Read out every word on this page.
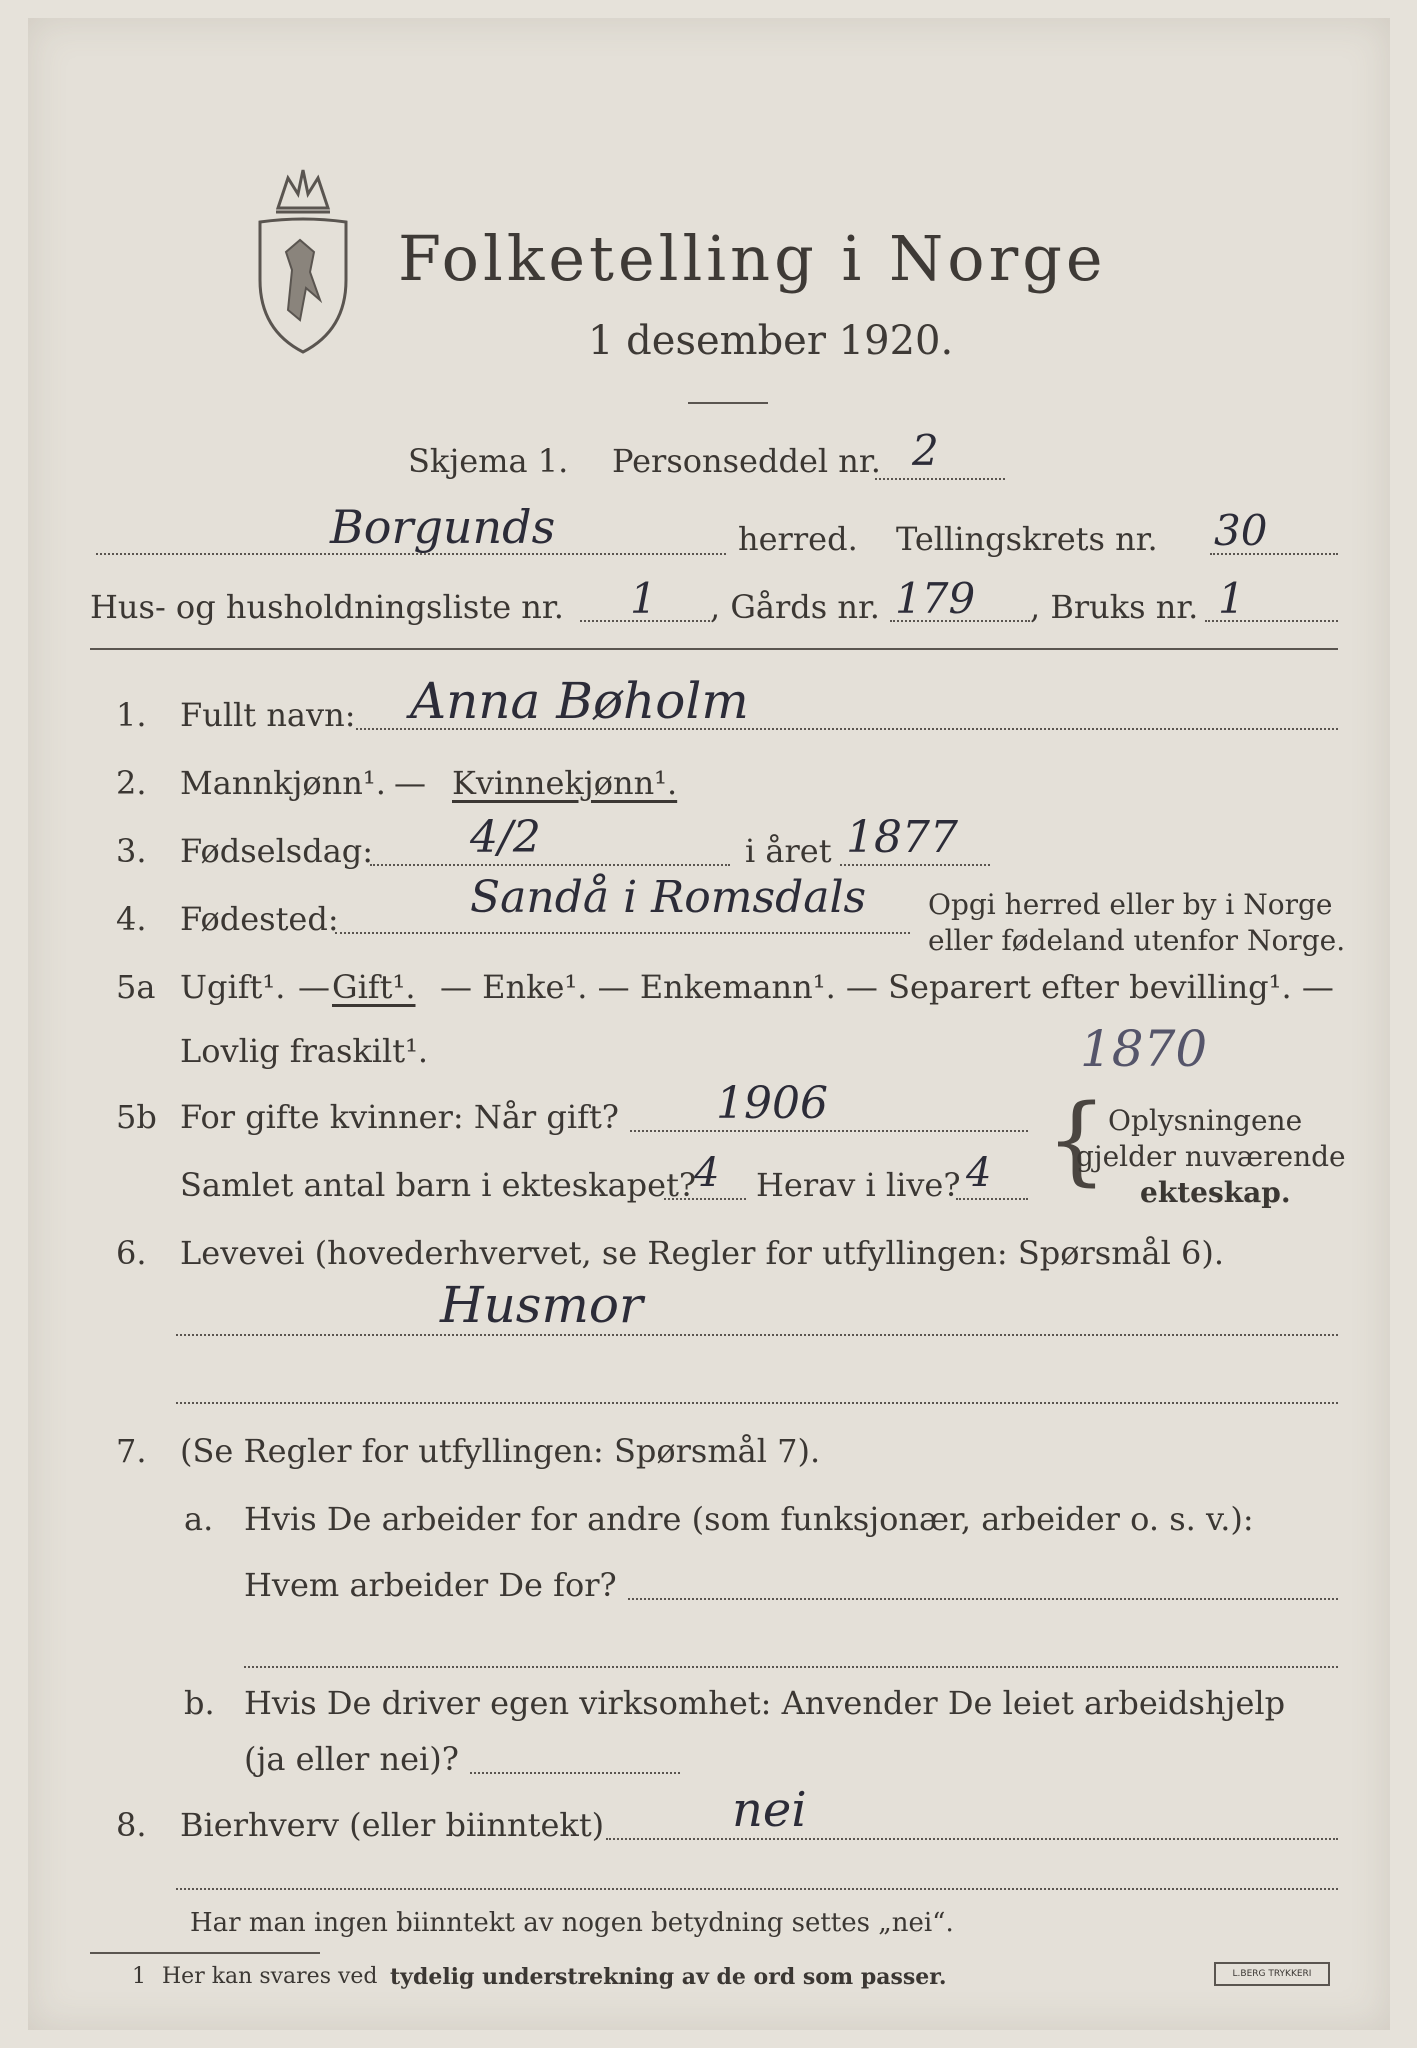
Folketelling i Norge
1 desember 1920.
Skjema 1. Personseddel nr. 2
Borgunds	herred. Tellingskrets nr. 30
Hus- og husholdningsliste nr. 1 , Gårds nr. 179 , Bruks nr. 1
1. Fullt navn: Anna Bøholm
2. Mannkjønn¹. — Kvinnekjønn¹.
3. Fødselsdag: 4/2	i året 1877
4. Fødested:	Sandå i Romsdals Opgi herred eller by i Norge
eller fødeland utenfor Norge.
5a Ugift¹. — Gift¹. — Enke¹. — Enkemann¹. — Separert efter bevilling¹. —
Lovlig fraskilt¹.	1870
5b For gifte kvinner: Når gift? 1906
Samlet antal barn i ekteskapet?
4 Herav i live? 4 { Oplysningene
gjelder nuværende
ekteskap.
6. Levevei (hovederhvervet, se Regler for utfyllingen: Spørsmål 6).
Husmor
7. (Se Regler for utfyllingen: Spørsmål 7).
a. Hvis De arbeider for andre (som funksjonær, arbeider o. s. v.):
Hvem arbeider De for?
b. Hvis De driver egen virksomhet: Anvender De leiet arbeidshjelp
(ja eller nei)?
8. Bierhverv (eller biinntekt)	nei
Har man ingen biinntekt av nogen betydning settes „nei“.
1 Her kan svares ved tydelig understrekning av de ord som passer.	L.BERG TRYKKERI
